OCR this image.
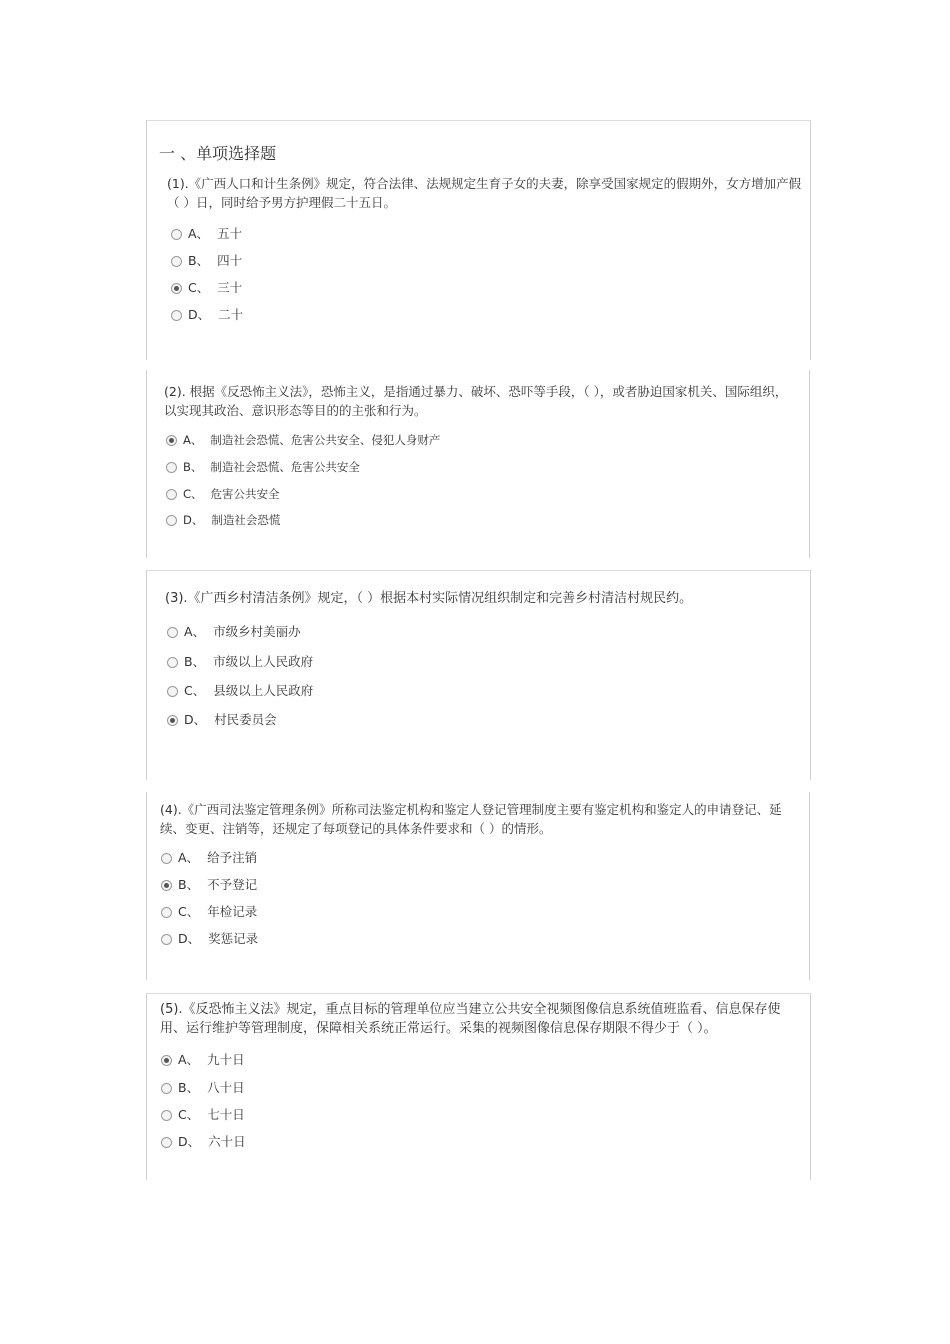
一 、单项选择题
(1).《广西人口和计生条例》规定，符合法律、法规规定生育子女的夫妻，除享受国家规定的假期外，女方增加产假（ ）日，同时给予男方护理假二十五日。
A、 五十
B、 四十
C、 三十
D、 二十
(2). 根据《反恐怖主义法》，恐怖主义，是指通过暴力、破坏、恐吓等手段，（ ），或者胁迫国家机关、国际组织，以实现其政治、意识形态等目的的主张和行为。
A、 制造社会恐慌、危害公共安全、侵犯人身财产
B、 制造社会恐慌、危害公共安全
C、 危害公共安全
D、 制造社会恐慌
(3).《广西乡村清洁条例》规定，（ ）根据本村实际情况组织制定和完善乡村清洁村规民约。
A、 市级乡村美丽办
B、 市级以上人民政府
C、 县级以上人民政府
D、 村民委员会
(4).《广西司法鉴定管理条例》所称司法鉴定机构和鉴定人登记管理制度主要有鉴定机构和鉴定人的申请登记、延续、变更、注销等，还规定了每项登记的具体条件要求和（ ）的情形。
A、 给予注销
B、 不予登记
C、 年检记录
D、 奖惩记录
(5).《反恐怖主义法》规定，重点目标的管理单位应当建立公共安全视频图像信息系统值班监看、信息保存使用、运行维护等管理制度，保障相关系统正常运行。采集的视频图像信息保存期限不得少于（ ）。
A、 九十日
B、 八十日
C、 七十日
D、 六十日
